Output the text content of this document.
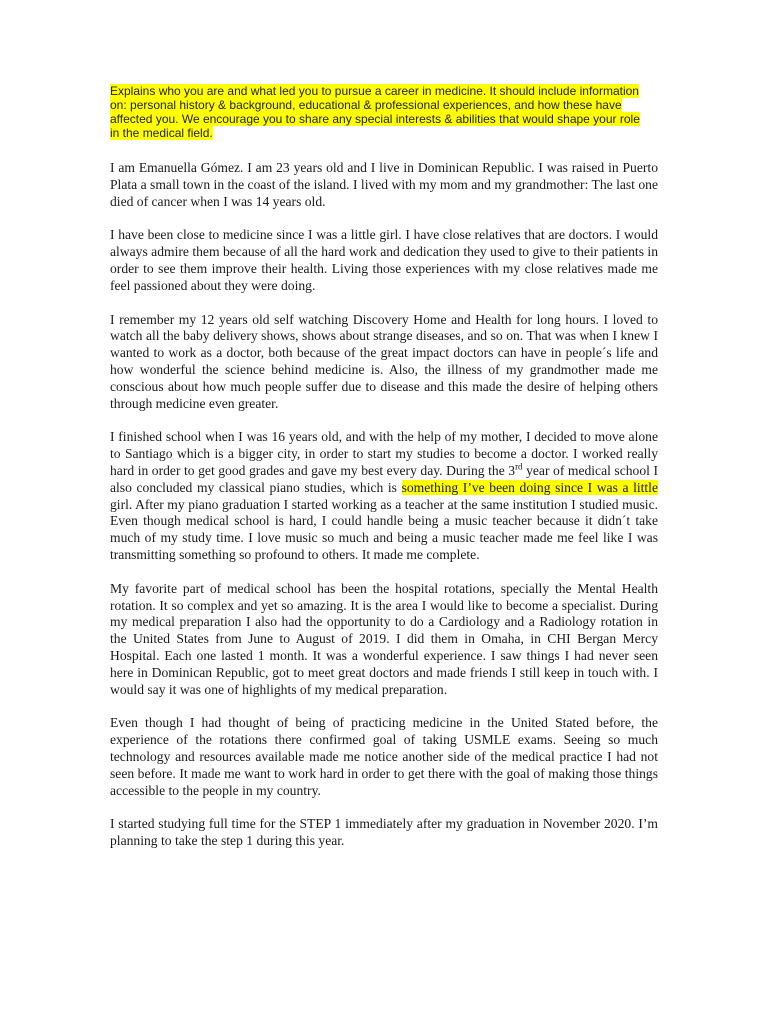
Explains who you are and what led you to pursue a career in medicine. It should include information on: personal history & background, educational & professional experiences, and how these have affected you. We encourage you to share any special interests & abilities that would shape your role in the medical field.

I am Emanuella Gómez. I am 23 years old and I live in Dominican Republic. I was raised in Puerto Plata a small town in the coast of the island. I lived with my mom and my grandmother: The last one died of cancer when I was 14 years old.

I have been close to medicine since I was a little girl. I have close relatives that are doctors. I would always admire them because of all the hard work and dedication they used to give to their patients in order to see them improve their health. Living those experiences with my close relatives made me feel passioned about they were doing.

I remember my 12 years old self watching Discovery Home and Health for long hours. I loved to watch all the baby delivery shows, shows about strange diseases, and so on. That was when I knew I wanted to work as a doctor, both because of the great impact doctors can have in people´s life and how wonderful the science behind medicine is. Also, the illness of my grandmother made me conscious about how much people suffer due to disease and this made the desire of helping others through medicine even greater.

I finished school when I was 16 years old, and with the help of my mother, I decided to move alone to Santiago which is a bigger city, in order to start my studies to become a doctor. I worked really hard in order to get good grades and gave my best every day. During the 3rd year of medical school I also concluded my classical piano studies, which is something I’ve been doing since I was a little girl. After my piano graduation I started working as a teacher at the same institution I studied music. Even though medical school is hard, I could handle being a music teacher because it didn´t take much of my study time. I love music so much and being a music teacher made me feel like I was transmitting something so profound to others. It made me complete.

My favorite part of medical school has been the hospital rotations, specially the Mental Health rotation. It so complex and yet so amazing. It is the area I would like to become a specialist. During my medical preparation I also had the opportunity to do a Cardiology and a Radiology rotation in the United States from June to August of 2019. I did them in Omaha, in CHI Bergan Mercy Hospital. Each one lasted 1 month. It was a wonderful experience. I saw things I had never seen here in Dominican Republic, got to meet great doctors and made friends I still keep in touch with. I would say it was one of highlights of my medical preparation.

Even though I had thought of being of practicing medicine in the United Stated before, the experience of the rotations there confirmed goal of taking USMLE exams. Seeing so much technology and resources available made me notice another side of the medical practice I had not seen before. It made me want to work hard in order to get there with the goal of making those things accessible to the people in my country.

I started studying full time for the STEP 1 immediately after my graduation in November 2020. I’m planning to take the step 1 during this year.
